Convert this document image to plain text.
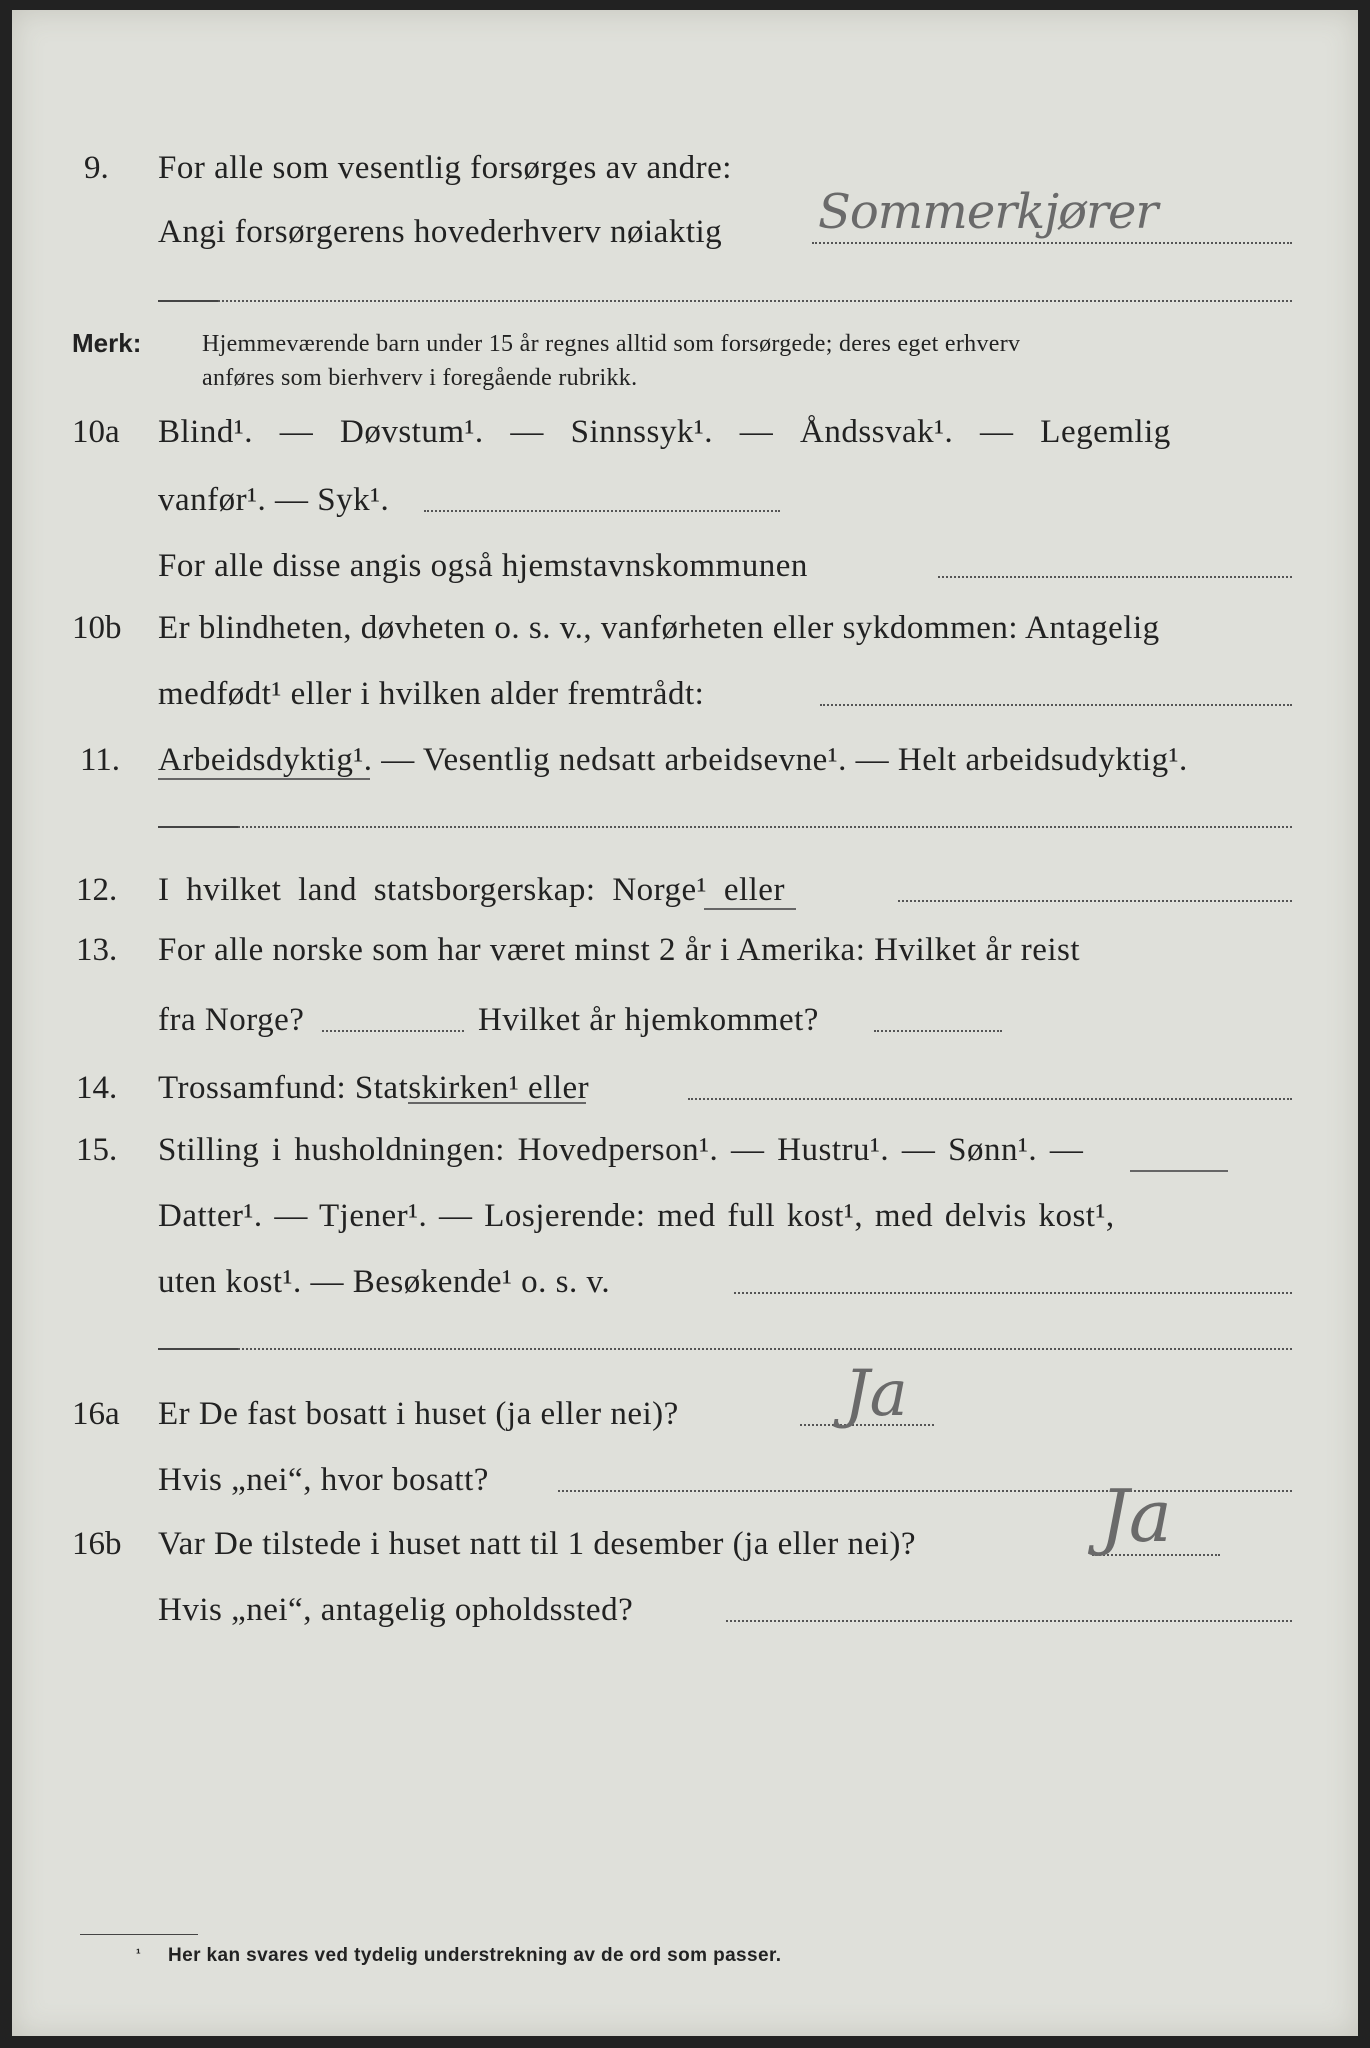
9. For alle som vesentlig forsørges av andre:
Angi forsørgerens hovederhverv nøiaktig Sommerkjører
Merk:	Hjemmeværende barn under 15 år regnes alltid som forsørgede; deres eget erhverv
anføres som bierhverv i foregående rubrikk.
10a Blind¹. — Døvstum¹. — Sinnssyk¹. — Åndssvak¹. — Legemlig
vanfør¹. — Syk¹.
For alle disse angis også hjemstavnskommunen
10b Er blindheten, døvheten o. s. v., vanførheten eller sykdommen: Antagelig
medfødt¹ eller i hvilken alder fremtrådt:
11. Arbeidsdyktig¹. — Vesentlig nedsatt arbeidsevne¹. — Helt arbeidsudyktig¹.
12. I hvilket land statsborgerskap: Norge¹ eller
13. For alle norske som har været minst 2 år i Amerika: Hvilket år reist
fra Norge?	Hvilket år hjemkommet?
14. Trossamfund: Statskirken¹ eller
15. Stilling i husholdningen: Hovedperson¹. — Hustru¹. — Sønn¹. —
Datter¹. — Tjener¹. — Losjerende: med full kost¹, med delvis kost¹,
uten kost¹. — Besøkende¹ o. s. v.
16a Er De fast bosatt i huset (ja eller nei)?	Ja
Hvis „nei“, hvor bosatt?
16b Var De tilstede i huset natt til 1 desember (ja eller nei)?	Ja
Hvis „nei“, antagelig opholdssted?
¹ Her kan svares ved tydelig understrekning av de ord som passer.
